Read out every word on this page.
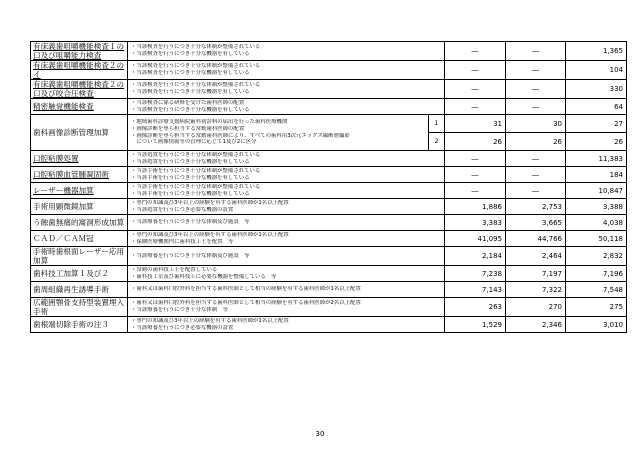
有床義歯咀嚼機能検査１の口及び咀嚼能力検査	・当該検査を行うにつき十分な体制が整備されている
・当該検査を行うにつき十分な機器を有している		―	―	1,365
有床義歯咀嚼機能検査２のイ	・当該検査を行うにつき十分な体制が整備されている
・当該検査を行うにつき十分な機器を有している		―	―	104
有床義歯咀嚼機能検査２の口及び咬合圧検査	・当該検査を行うにつき十分な体制が整備されている
・当該検査を行うにつき十分な機器を有している		―	―	330
精密触覚機能検査	・当該検査に係る研修を受けた歯科医師の配置
・当該検査を行うにつき十分な機器を有している		―	―	64
歯科画像診断管理加算	・地域歯科診療支援病院歯科初診料の届出を行った歯科医療機関
・画像診断を専ら担当する常勤歯科医師の配置
・画像診断を専ら担当する常勤歯科医師により、すべての歯科用3次元エックス線断層撮影
　について画像情報等の管理に応じて1及び2に区分	1	31	30	27
		2	26	26	26
口腔粘膜処置	・当該処置を行うにつき十分な体制が整備されている
・当該処置を行うにつき十分な機器を有している		―	―	11,383
口腔粘膜血管腫凝固術	・当該手術を行うにつき十分な体制が整備されている
・当該手術を行うにつき十分な機器を有している		―	―	184
レーザー機器加算	・当該手術を行うにつき十分な体制が整備されている
・当該手術を行うにつき十分な機器を有している		―	―	10,847
手術用顕微鏡加算	・専門の知識及び3年以上の経験を有する歯科医師が1名以上配置
・当該処置を行うにつき必要な機器の設置		1,886	2,753	3,388
う蝕歯無痛的窩洞形成加算	・当該療養を行うにつき十分な体制及び施設　等		3,383	3,665	4,038
ＣＡＤ／ＣＡＭ冠	・専門の知識及び3年以上の経験を有する歯科医師が1名以上配置
・保険医療機関内に歯科技工士を配置　等		41,095	44,766	50,118
手術時歯根面レーザー応用加算	・当該療養を行うにつき十分な体制及び施設　等		2,184	2,464	2,832
歯科技工加算１及び２	・常勤の歯科技工士を配置している
・歯科技工室及び歯科技工に必要な機器を整備している　等		7,238	7,197	7,196
歯周組織再生誘導手術	・歯科又は歯科口腔外科を担当する歯科医師として相当の経験を有する歯科医師が1名以上配置		7,143	7,322	7,548
広範囲顎骨支持型装置埋入手術	・歯科又は歯科口腔外科を担当する歯科医師として相当の経験を有する歯科医師が2名以上配置
・当該療養を行うにつき十分な体制　等		263	270	275
歯根端切除手術の注３	・専門の知識及び3年以上の経験を有する歯科医師が1名以上配置
・当該療養を行うにつき必要な機器の設置		1,529	2,346	3,010
30
